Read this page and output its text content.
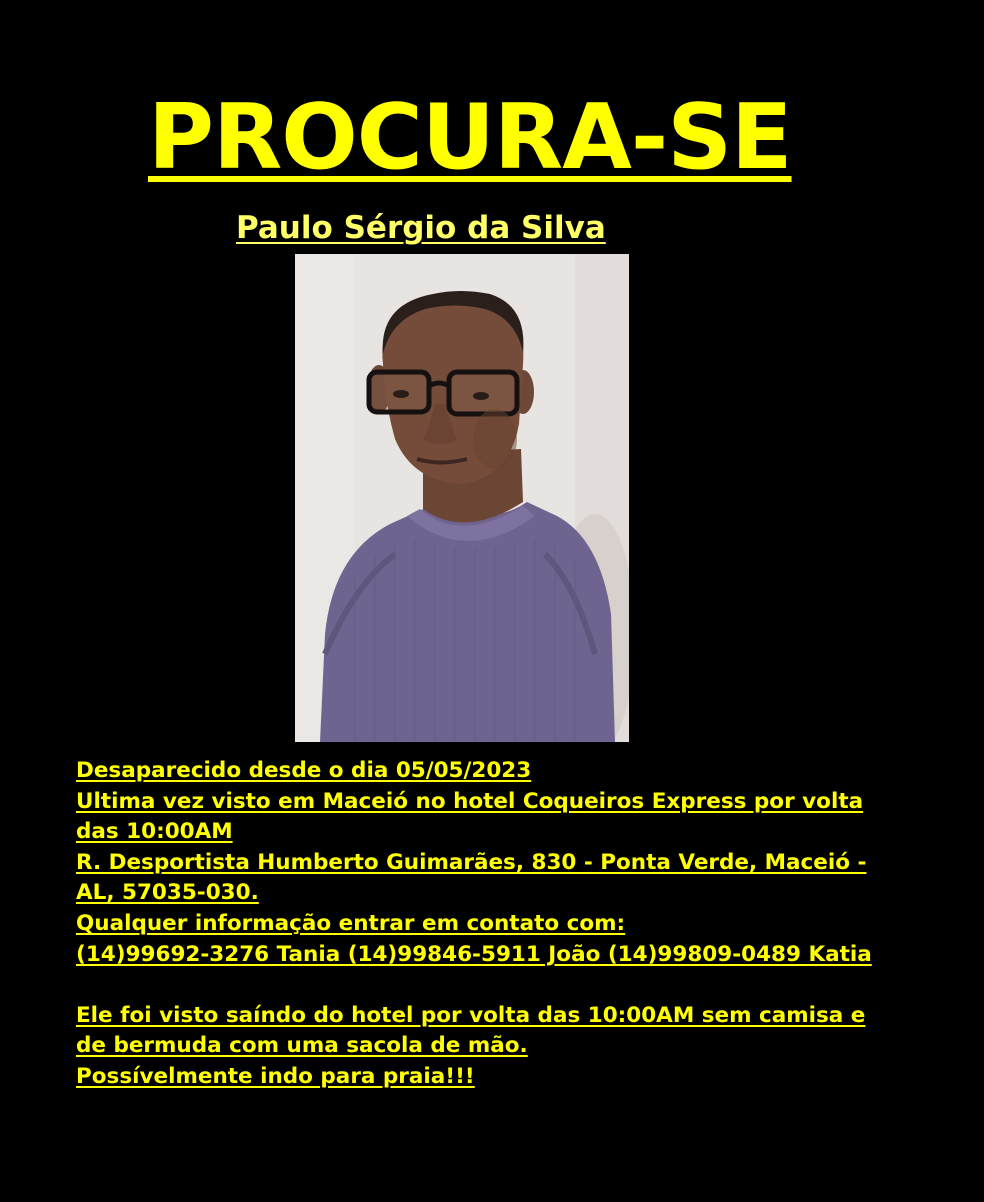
PROCURA-SE
Paulo Sérgio da Silva
Desaparecido desde o dia 05/05/2023
Ultima vez visto em Maceió no hotel Coqueiros Express por volta
das 10:00AM
R. Desportista Humberto Guimarães, 830 - Ponta Verde, Maceió -
AL, 57035-030.
Qualquer informação entrar em contato com:
(14)99692-3276 Tania (14)99846-5911 João (14)99809-0489 Katia
Ele foi visto saíndo do hotel por volta das 10:00AM sem camisa e
de bermuda com uma sacola de mão.
Possívelmente indo para praia!!!
